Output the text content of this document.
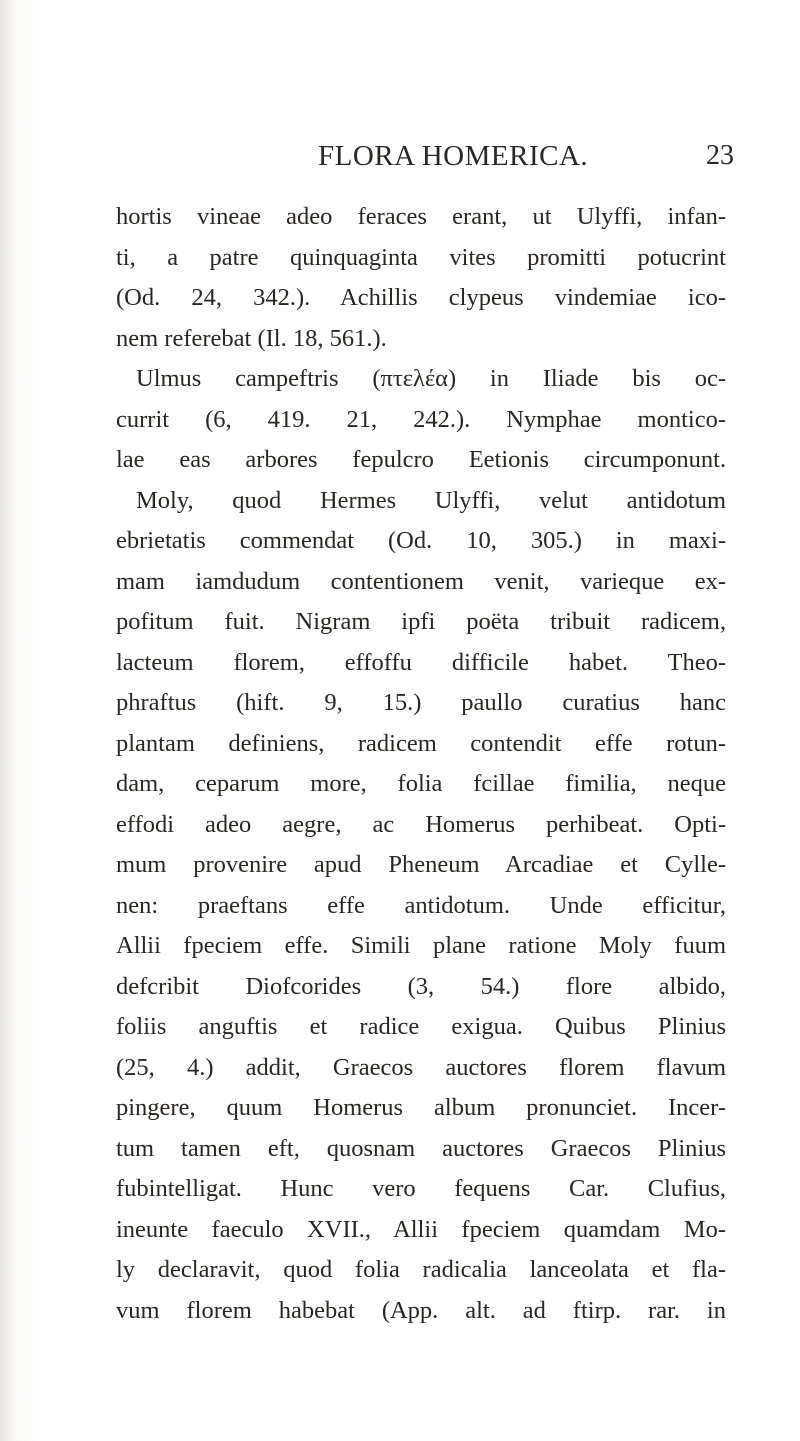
FLORA HOMERICA.	23
hortis vineae adeo feraces erant, ut Ulyffi, infan-
ti, a patre quinquaginta vites promitti potucrint
(Od. 24, 342.). Achillis clypeus vindemiae ico-
nem referebat (Il. 18, 561.).
Ulmus campeftris (πτελέα) in Iliade bis oc-
currit (6, 419. 21, 242.). Nymphae montico-
lae eas arbores fepulcro Eetionis circumponunt.
Moly, quod Hermes Ulyffi, velut antidotum
ebrietatis commendat (Od. 10, 305.) in maxi-
mam iamdudum contentionem venit, varieque ex-
pofitum fuit. Nigram ipfi poëta tribuit radicem,
lacteum florem, effoffu difficile habet. Theo-
phraftus (hift. 9, 15.) paullo curatius hanc
plantam definiens, radicem contendit effe rotun-
dam, ceparum more, folia fcillae fimilia, neque
effodi adeo aegre, ac Homerus perhibeat. Opti-
mum provenire apud Pheneum Arcadiae et Cylle-
nen: praeftans effe antidotum. Unde efficitur,
Allii fpeciem effe. Simili plane ratione Moly fuum
defcribit Diofcorides (3, 54.) flore albido,
foliis anguftis et radice exigua. Quibus Plinius
(25, 4.) addit, Graecos auctores florem flavum
pingere, quum Homerus album pronunciet. Incer-
tum tamen eft, quosnam auctores Graecos Plinius
fubintelligat. Hunc vero fequens Car. Clufius,
ineunte faeculo XVII., Allii fpeciem quamdam Mo-
ly declaravit, quod folia radicalia lanceolata et fla-
vum florem habebat (App. alt. ad ftirp. rar. in
